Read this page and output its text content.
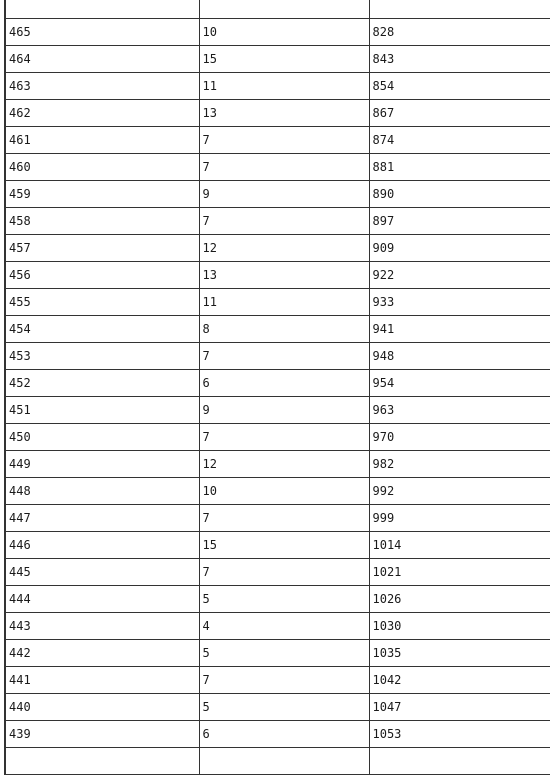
465	10	828
464	15	843
463	11	854
462	13	867
461	7	874
460	7	881
459	9	890
458	7	897
457	12	909
456	13	922
455	11	933
454	8	941
453	7	948
452	6	954
451	9	963
450	7	970
449	12	982
448	10	992
447	7	999
446	15	1014
445	7	1021
444	5	1026
443	4	1030
442	5	1035
441	7	1042
440	5	1047
439	6	1053
